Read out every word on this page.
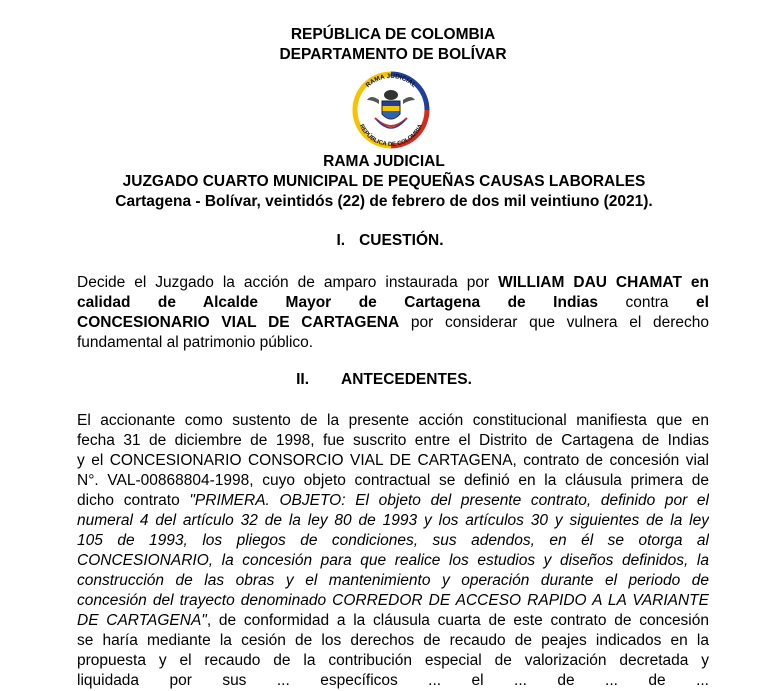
REPÚBLICA DE COLOMBIA
DEPARTAMENTO DE BOLÍVAR
RAMA JUDICIAL
REPÚBLICA DE COLOMBIA
RAMA JUDICIAL
JUZGADO CUARTO MUNICIPAL DE PEQUEÑAS CAUSAS LABORALES
Cartagena - Bolívar, veintidós (22) de febrero de dos mil veintiuno (2021).
I. CUESTIÓN.
Decide el Juzgado la acción de amparo instaurada por WILLIAM DAU CHAMAT en
calidad de Alcalde Mayor de Cartagena de Indias contra el
CONCESIONARIO VIAL DE CARTAGENA por considerar que vulnera el derecho
fundamental al patrimonio público.
II. ANTECEDENTES.
El accionante como sustento de la presente acción constitucional manifiesta que en
fecha 31 de diciembre de 1998, fue suscrito entre el Distrito de Cartagena de Indias
y el CONCESIONARIO CONSORCIO VIAL DE CARTAGENA, contrato de concesión vial
N°. VAL-00868804-1998, cuyo objeto contractual se definió en la cláusula primera de
dicho contrato "PRIMERA. OBJETO: El objeto del presente contrato, definido por el
numeral 4 del artículo 32 de la ley 80 de 1993 y los artículos 30 y siguientes de la ley
105 de 1993, los pliegos de condiciones, sus adendos, en él se otorga al
CONCESIONARIO, la concesión para que realice los estudios y diseños definidos, la
construcción de las obras y el mantenimiento y operación durante el periodo de
concesión del trayecto denominado CORREDOR DE ACCESO RAPIDO A LA VARIANTE
DE CARTAGENA", de conformidad a la cláusula cuarta de este contrato de concesión
se haría mediante la cesión de los derechos de recaudo de peajes indicados en la
propuesta y el recaudo de la contribución especial de valorización decretada y
liquidada por sus ... específicos ... el ... de ... de ...
